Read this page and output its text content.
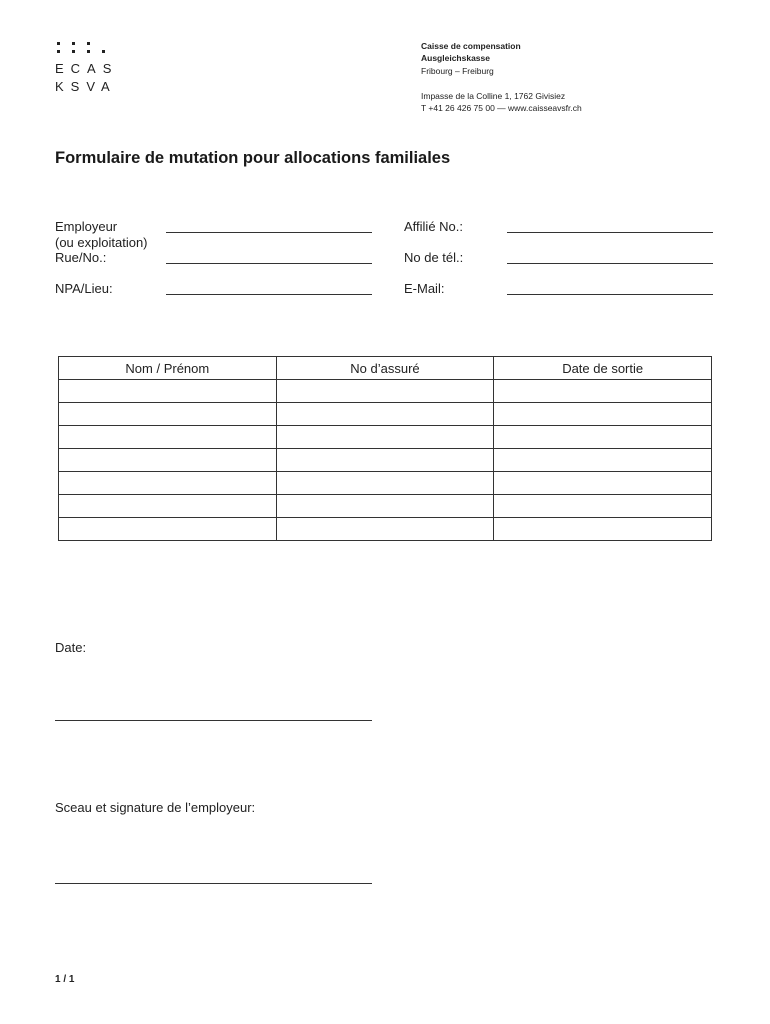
ECAS
KSVA
Caisse de compensation
Ausgleichskasse
Fribourg – Freiburg
Impasse de la Colline 1, 1762 Givisiez
T +41 26 426 75 00 — www.caisseavsfr.ch
Formulaire de mutation pour allocations familiales
Employeur
(ou exploitation)
Rue/No.:
NPA/Lieu:
Affilié No.:
No de tél.:
E-Mail:
Nom / Prénom	No d’assuré	Date de sortie

Date:
Sceau et signature de l’employeur:
1 / 1
